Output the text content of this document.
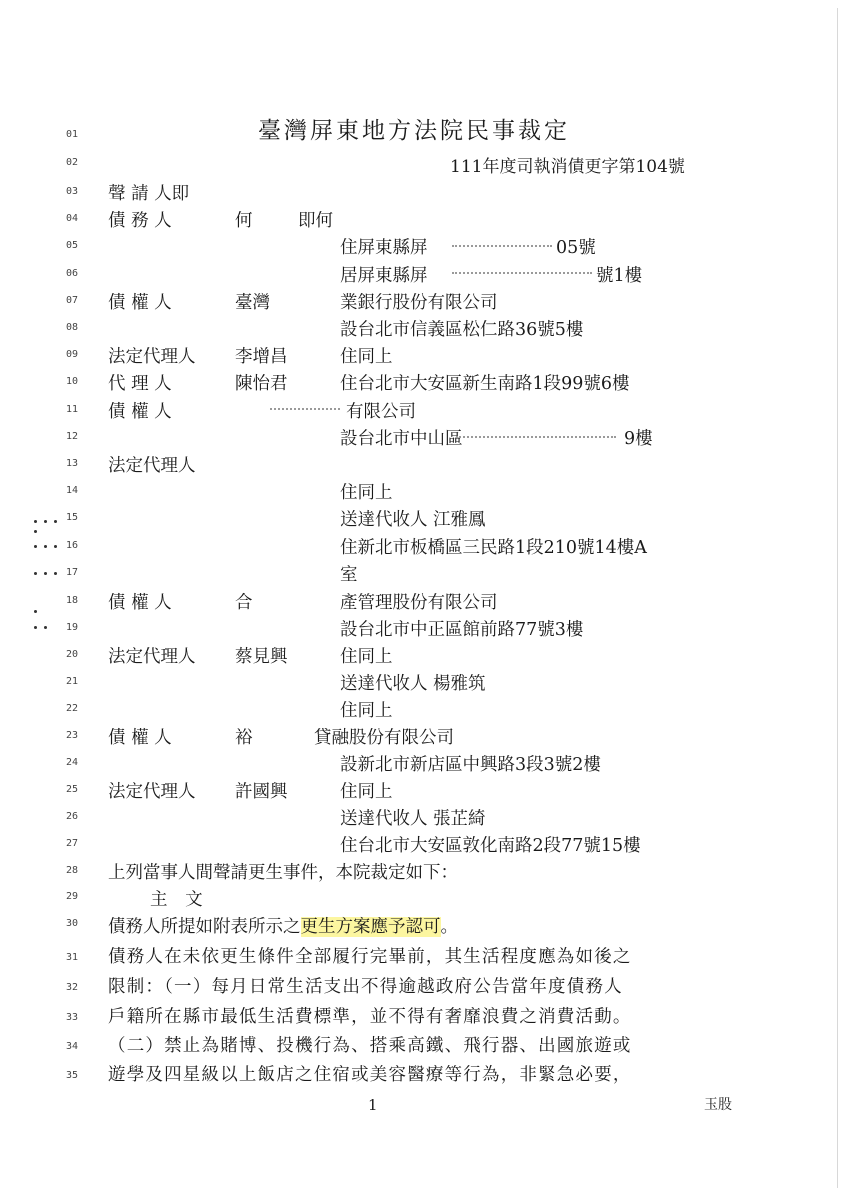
臺灣屏東地方法院民事裁定
111年度司執消債更字第104號
01
02
03
04
05
06
07
08
09
10
11
12
13
14
15
16
17
18
19
20
21
22
23
24
25
26
27
28
29
30
31
32
33
34
35
聲 請 人即
債 務 人	何	即何
住屏東縣屏	05號
居屏東縣屏	號1樓
債 權 人	臺灣	業銀行股份有限公司
設台北市信義區松仁路36號5樓
法定代理人 李增昌	住同上
代 理 人	陳怡君	住台北市大安區新生南路1段99號6樓
債 權 人	有限公司
設台北市中山區	9樓
法定代理人
住同上
送達代收人 江雅鳳
住新北市板橋區三民路1段210號14樓A
室
債 權 人	合	產管理股份有限公司
設台北市中正區館前路77號3樓
法定代理人 蔡見興	住同上
送達代收人 楊雅筑
住同上
債 權 人	裕	貸融股份有限公司
設新北市新店區中興路3段3號2樓
法定代理人 許國興	住同上
送達代收人 張芷綺
住台北市大安區敦化南路2段77號15樓
上列當事人間聲請更生事件，本院裁定如下：
主 文
債務人所提如附表所示之更生方案應予認可。
債務人在未依更生條件全部履行完畢前，其生活程度應為如後之
限制：（一）每月日常生活支出不得逾越政府公告當年度債務人
戶籍所在縣市最低生活費標準，並不得有奢靡浪費之消費活動。
（二）禁止為賭博、投機行為、搭乘高鐵、飛行器、出國旅遊或
遊學及四星級以上飯店之住宿或美容醫療等行為，非緊急必要，
1	玉股
